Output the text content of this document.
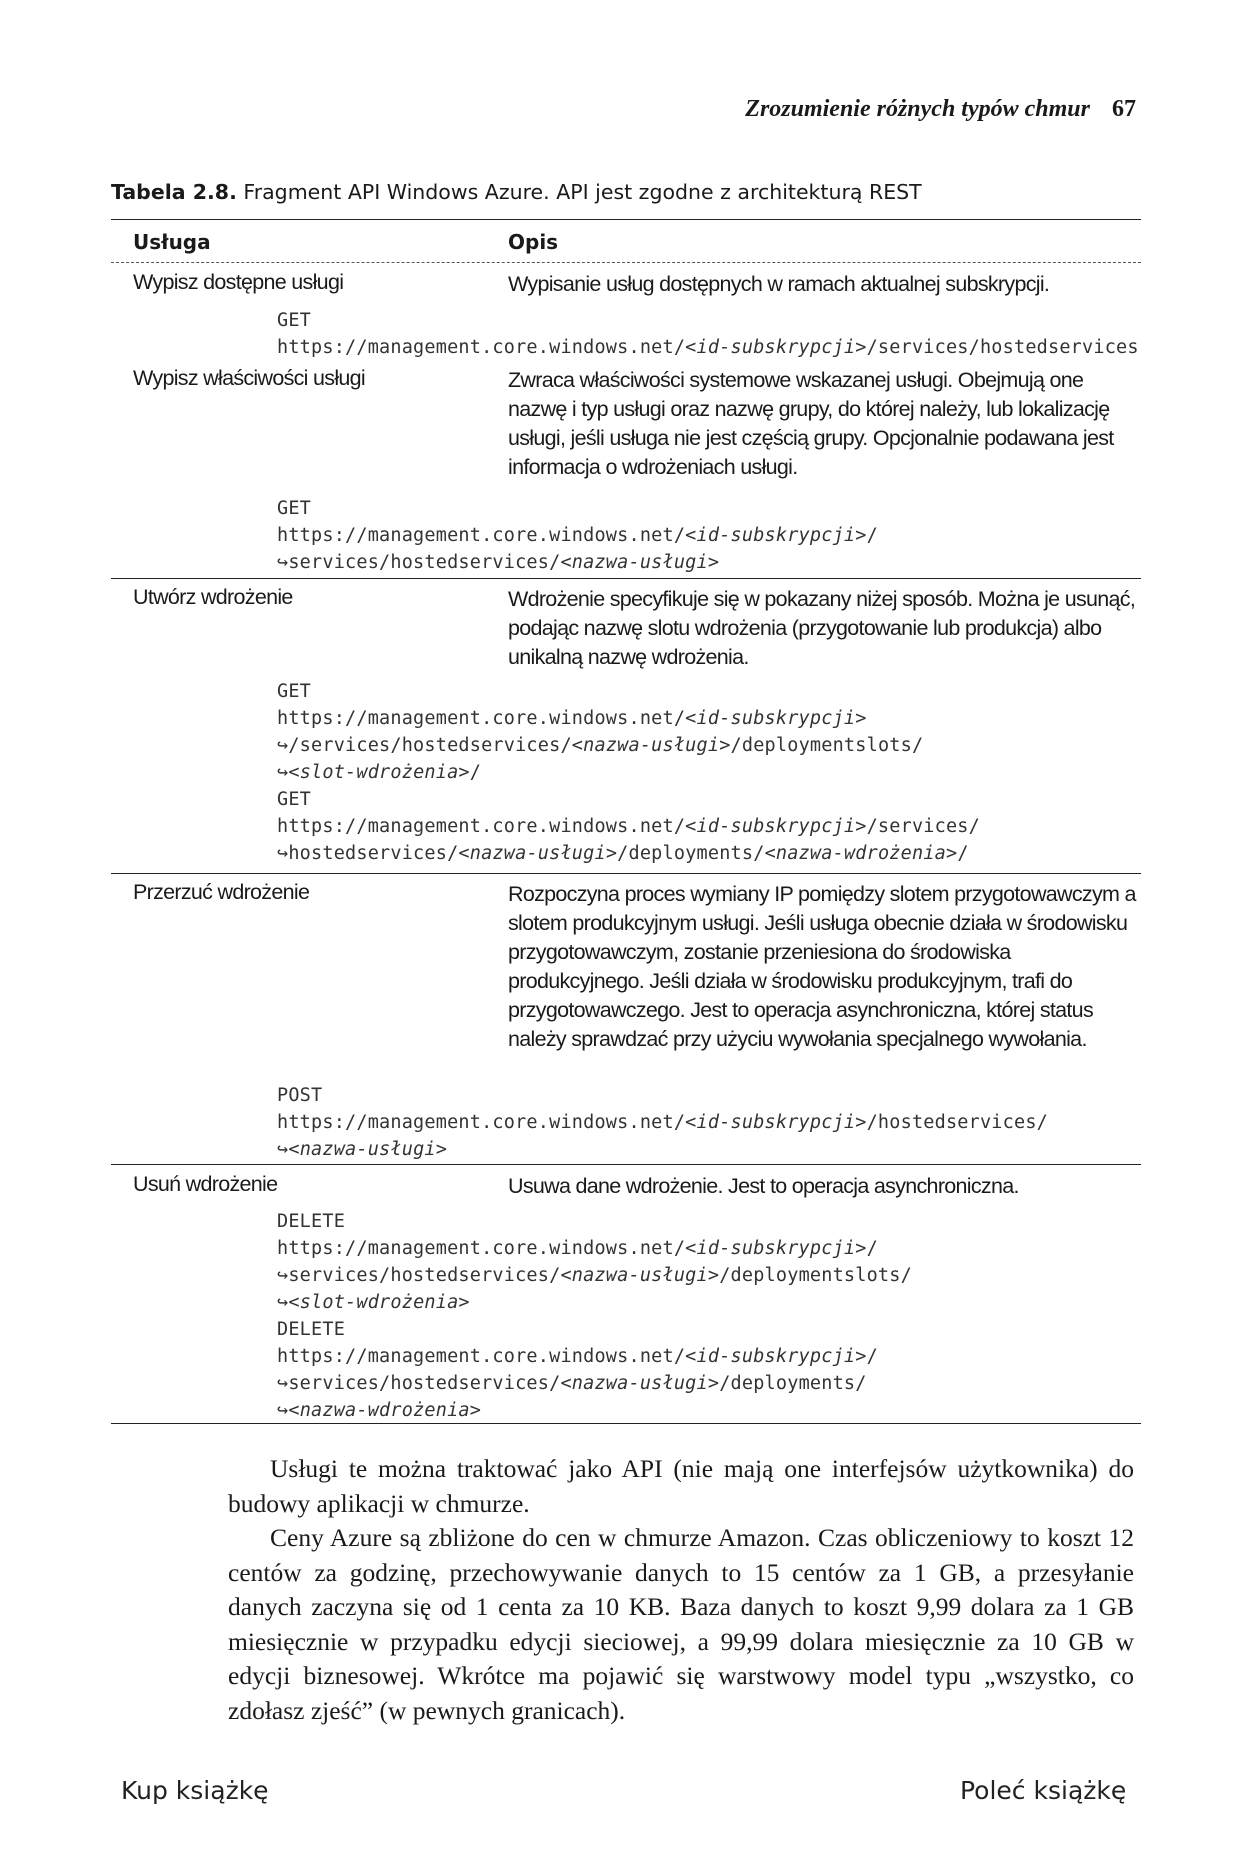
Zrozumienie różnych typów chmur 67
Tabela 2.8. Fragment API Windows Azure. API jest zgodne z architekturą REST
Usługa	Opis
Wypisz dostępne usługi	Wypisanie usług dostępnych w ramach aktualnej subskrypcji.
GET
https://management.core.windows.net/<id-subskrypcji>/services/hostedservices
Wypisz właściwości usługi	Zwraca właściwości systemowe wskazanej usługi. Obejmują one nazwę i typ usługi oraz nazwę grupy, do której należy, lub lokalizację usługi, jeśli usługa nie jest częścią grupy. Opcjonalnie podawana jest informacja o wdrożeniach usługi.
GET
https://management.core.windows.net/<id-subskrypcji>/
↪services/hostedservices/<nazwa-usługi>
Utwórz wdrożenie	Wdrożenie specyfikuje się w pokazany niżej sposób. Można je usunąć, podając nazwę slotu wdrożenia (przygotowanie lub produkcja) albo unikalną nazwę wdrożenia.
GET
https://management.core.windows.net/<id-subskrypcji>
↪/services/hostedservices/<nazwa-usługi>/deploymentslots/
↪<slot-wdrożenia>/
GET
https://management.core.windows.net/<id-subskrypcji>/services/
↪hostedservices/<nazwa-usługi>/deployments/<nazwa-wdrożenia>/
Przerzuć wdrożenie	Rozpoczyna proces wymiany IP pomiędzy slotem przygotowawczym a slotem produkcyjnym usługi. Jeśli usługa obecnie działa w środowisku przygotowawczym, zostanie przeniesiona do środowiska produkcyjnego. Jeśli działa w środowisku produkcyjnym, trafi do przygotowawczego. Jest to operacja asynchroniczna, której status należy sprawdzać przy użyciu wywołania specjalnego wywołania.
POST
https://management.core.windows.net/<id-subskrypcji>/hostedservices/
↪<nazwa-usługi>
Usuń wdrożenie	Usuwa dane wdrożenie. Jest to operacja asynchroniczna.
DELETE
https://management.core.windows.net/<id-subskrypcji>/
↪services/hostedservices/<nazwa-usługi>/deploymentslots/
↪<slot-wdrożenia>
DELETE
https://management.core.windows.net/<id-subskrypcji>/
↪services/hostedservices/<nazwa-usługi>/deployments/
↪<nazwa-wdrożenia>

Usługi te można traktować jako API (nie mają one interfejsów użytkownika) do budowy aplikacji w chmurze.

Ceny Azure są zbliżone do cen w chmurze Amazon. Czas obliczeniowy to koszt 12 centów za godzinę, przechowywanie danych to 15 centów za 1 GB, a przesyłanie danych zaczyna się od 1 centa za 10 KB. Baza danych to koszt 9,99 dolara za 1 GB miesięcznie w przypadku edycji sieciowej, a 99,99 dolara miesięcznie za 10 GB w edycji biznesowej. Wkrótce ma pojawić się warstwowy model typu „wszystko, co zdołasz zjeść” (w pewnych granicach).

Kup książkę	Poleć książkę
